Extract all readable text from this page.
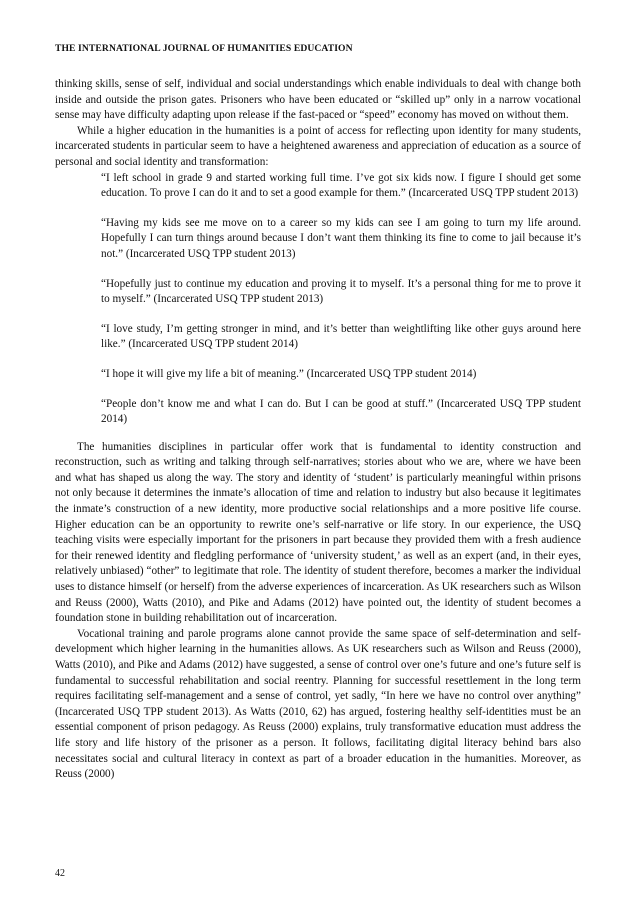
THE INTERNATIONAL JOURNAL OF HUMANITIES EDUCATION

thinking skills, sense of self, individual and social understandings which enable individuals to deal with change both inside and outside the prison gates. Prisoners who have been educated or “skilled up” only in a narrow vocational sense may have difficulty adapting upon release if the fast-paced or “speed” economy has moved on without them.

While a higher education in the humanities is a point of access for reflecting upon identity for many students, incarcerated students in particular seem to have a heightened awareness and appreciation of education as a source of personal and social identity and transformation:

“I left school in grade 9 and started working full time. I’ve got six kids now. I figure I should get some education. To prove I can do it and to set a good example for them.” (Incarcerated USQ TPP student 2013)

“Having my kids see me move on to a career so my kids can see I am going to turn my life around. Hopefully I can turn things around because I don’t want them thinking its fine to come to jail because it’s not.” (Incarcerated USQ TPP student 2013)

“Hopefully just to continue my education and proving it to myself. It’s a personal thing for me to prove it to myself.” (Incarcerated USQ TPP student 2013)

“I love study, I’m getting stronger in mind, and it’s better than weightlifting like other guys around here like.” (Incarcerated USQ TPP student 2014)

“I hope it will give my life a bit of meaning.” (Incarcerated USQ TPP student 2014)

“People don’t know me and what I can do. But I can be good at stuff.” (Incarcerated USQ TPP student 2014)

The humanities disciplines in particular offer work that is fundamental to identity construction and reconstruction, such as writing and talking through self-narratives; stories about who we are, where we have been and what has shaped us along the way. The story and identity of ‘student’ is particularly meaningful within prisons not only because it determines the inmate’s allocation of time and relation to industry but also because it legitimates the inmate’s construction of a new identity, more productive social relationships and a more positive life course. Higher education can be an opportunity to rewrite one’s self-narrative or life story. In our experience, the USQ teaching visits were especially important for the prisoners in part because they provided them with a fresh audience for their renewed identity and fledgling performance of ‘university student,’ as well as an expert (and, in their eyes, relatively unbiased) “other” to legitimate that role. The identity of student therefore, becomes a marker the individual uses to distance himself (or herself) from the adverse experiences of incarceration. As UK researchers such as Wilson and Reuss (2000), Watts (2010), and Pike and Adams (2012) have pointed out, the identity of student becomes a foundation stone in building rehabilitation out of incarceration.

Vocational training and parole programs alone cannot provide the same space of self-determination and self-development which higher learning in the humanities allows. As UK researchers such as Wilson and Reuss (2000), Watts (2010), and Pike and Adams (2012) have suggested, a sense of control over one’s future and one’s future self is fundamental to successful rehabilitation and social reentry. Planning for successful resettlement in the long term requires facilitating self-management and a sense of control, yet sadly, “In here we have no control over anything” (Incarcerated USQ TPP student 2013). As Watts (2010, 62) has argued, fostering healthy self-identities must be an essential component of prison pedagogy. As Reuss (2000) explains, truly transformative education must address the life story and life history of the prisoner as a person. It follows, facilitating digital literacy behind bars also necessitates social and cultural literacy in context as part of a broader education in the humanities. Moreover, as Reuss (2000)

42
